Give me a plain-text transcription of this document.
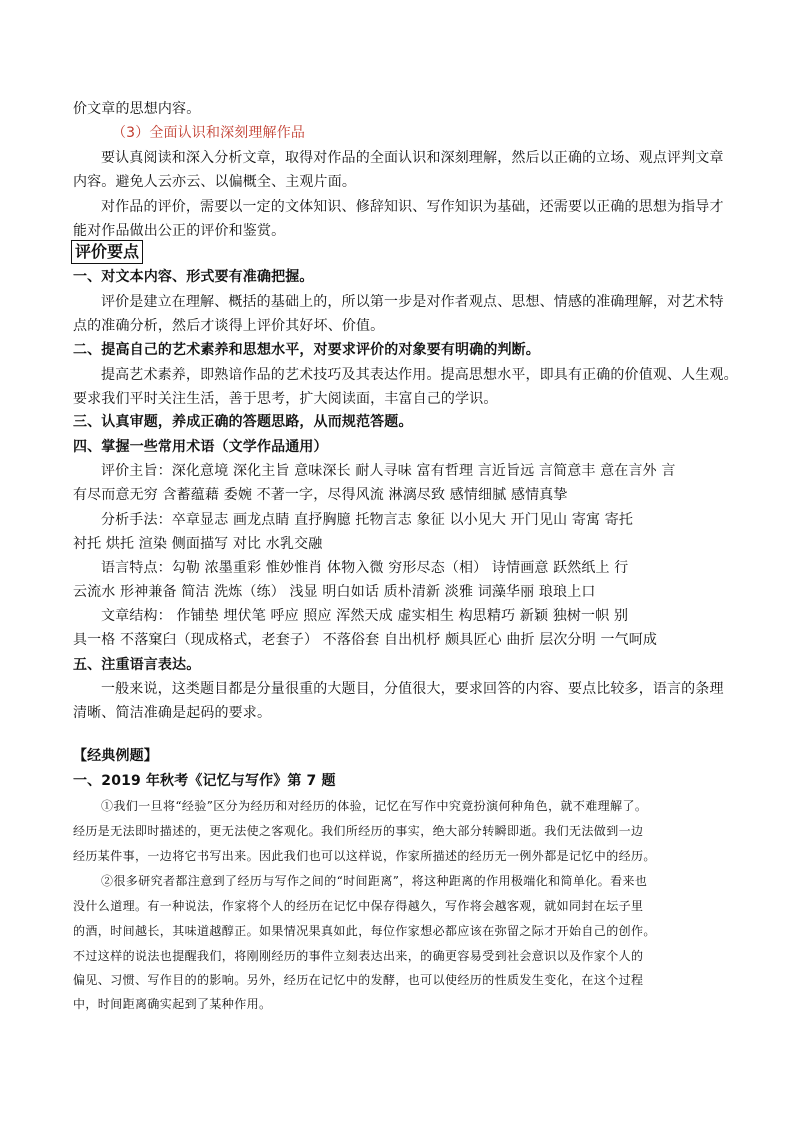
价文章的思想内容。
（3）全面认识和深刻理解作品
要认真阅读和深入分析文章，取得对作品的全面认识和深刻理解，然后以正确的立场、观点评判文章
内容。避免人云亦云、以偏概全、主观片面。
对作品的评价，需要以一定的文体知识、修辞知识、写作知识为基础，还需要以正确的思想为指导才
能对作品做出公正的评价和鉴赏。
评价要点
一、对文本内容、形式要有准确把握。
评价是建立在理解、概括的基础上的，所以第一步是对作者观点、思想、情感的准确理解，对艺术特
点的准确分析，然后才谈得上评价其好坏、价值。
二、提高自己的艺术素养和思想水平，对要求评价的对象要有明确的判断。
提高艺术素养，即熟谙作品的艺术技巧及其表达作用。提高思想水平，即具有正确的价值观、人生观。
要求我们平时关注生活，善于思考，扩大阅读面，丰富自己的学识。
三、认真审题，养成正确的答题思路，从而规范答题。
四、掌握一些常用术语（文学作品通用）
评价主旨：深化意境 深化主旨 意味深长 耐人寻味 富有哲理 言近旨远 言简意丰 意在言外 言
有尽而意无穷 含蓄蕴藉 委婉 不著一字，尽得风流 淋漓尽致 感情细腻 感情真挚
分析手法：卒章显志 画龙点睛 直抒胸臆 托物言志 象征 以小见大 开门见山 寄寓 寄托
衬托 烘托 渲染 侧面描写 对比 水乳交融
语言特点：勾勒 浓墨重彩 惟妙惟肖 体物入微 穷形尽态（相） 诗情画意 跃然纸上 行
云流水 形神兼备 简洁 洗炼（练） 浅显 明白如话 质朴清新 淡雅 词藻华丽 琅琅上口
文章结构： 作铺垫 埋伏笔 呼应 照应 浑然天成 虚实相生 构思精巧 新颖 独树一帜 别
具一格 不落窠臼（现成格式，老套子） 不落俗套 自出机杼 颇具匠心 曲折 层次分明 一气呵成
五、注重语言表达。
一般来说，这类题目都是分量很重的大题目，分值很大，要求回答的内容、要点比较多，语言的条理
清晰、简洁准确是起码的要求。
【经典例题】
一、2019 年秋考《记忆与写作》第 7 题
①我们一旦将“经验”区分为经历和对经历的体验，记忆在写作中究竟扮演何种角色，就不难理解了。
经历是无法即时描述的，更无法使之客观化。我们所经历的事实，绝大部分转瞬即逝。我们无法做到一边
经历某件事，一边将它书写出来。因此我们也可以这样说，作家所描述的经历无一例外都是记忆中的经历。
②很多研究者都注意到了经历与写作之间的“时间距离”，将这种距离的作用极端化和简单化。看来也
没什么道理。有一种说法，作家将个人的经历在记忆中保存得越久，写作将会越客观，就如同封在坛子里
的酒，时间越长，其味道越醇正。如果情况果真如此，每位作家想必都应该在弥留之际才开始自己的创作。
不过这样的说法也提醒我们，将刚刚经历的事件立刻表达出来，的确更容易受到社会意识以及作家个人的
偏见、习惯、写作目的的影响。另外，经历在记忆中的发酵，也可以使经历的性质发生变化，在这个过程
中，时间距离确实起到了某种作用。
